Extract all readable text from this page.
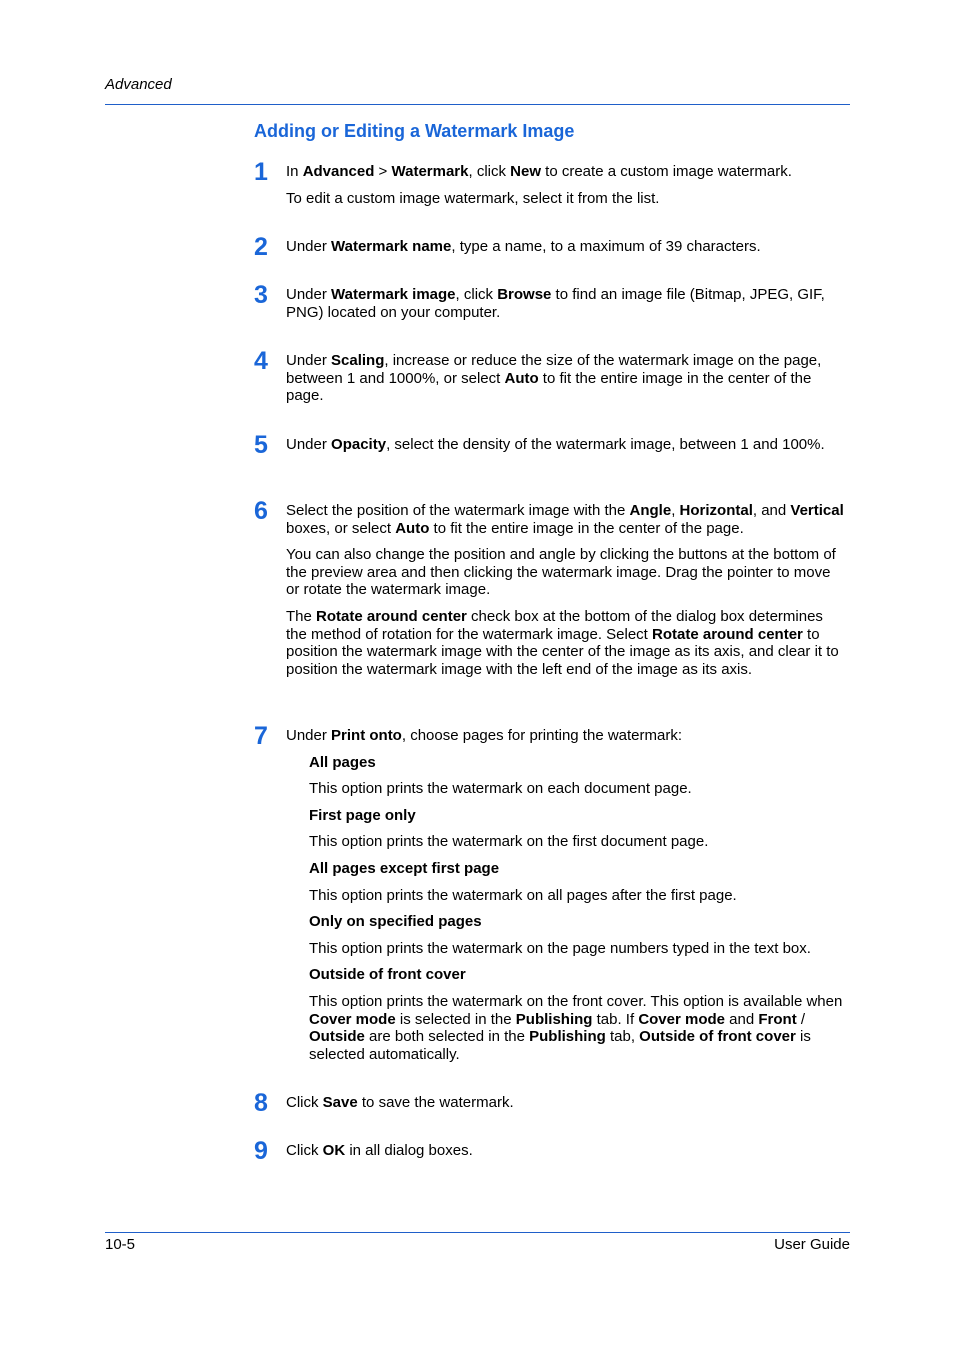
Advanced
Adding or Editing a Watermark Image
1	In Advanced > Watermark, click New to create a custom image watermark.

To edit a custom image watermark, select it from the list.

2	Under Watermark name, type a name, to a maximum of 39 characters.

3	Under Watermark image, click Browse to find an image file (Bitmap, JPEG, GIF, PNG) located on your computer.

4	Under Scaling, increase or reduce the size of the watermark image on the page, between 1 and 1000%, or select Auto to fit the entire image in the center of the page.

5	Under Opacity, select the density of the watermark image, between 1 and 100%.

6	Select the position of the watermark image with the Angle, Horizontal, and Vertical boxes, or select Auto to fit the entire image in the center of the page.

You can also change the position and angle by clicking the buttons at the bottom of the preview area and then clicking the watermark image. Drag the pointer to move or rotate the watermark image.

The Rotate around center check box at the bottom of the dialog box determines the method of rotation for the watermark image. Select Rotate around center to position the watermark image with the center of the image as its axis, and clear it to position the watermark image with the left end of the image as its axis.

7	Under Print onto, choose pages for printing the watermark:

All pages

This option prints the watermark on each document page.

First page only

This option prints the watermark on the first document page.

All pages except first page

This option prints the watermark on all pages after the first page.

Only on specified pages

This option prints the watermark on the page numbers typed in the text box.

Outside of front cover

This option prints the watermark on the front cover. This option is available when Cover mode is selected in the Publishing tab. If Cover mode and Front / Outside are both selected in the Publishing tab, Outside of front cover is selected automatically.

8	Click Save to save the watermark.

9	Click OK in all dialog boxes.

10-5	User Guide
